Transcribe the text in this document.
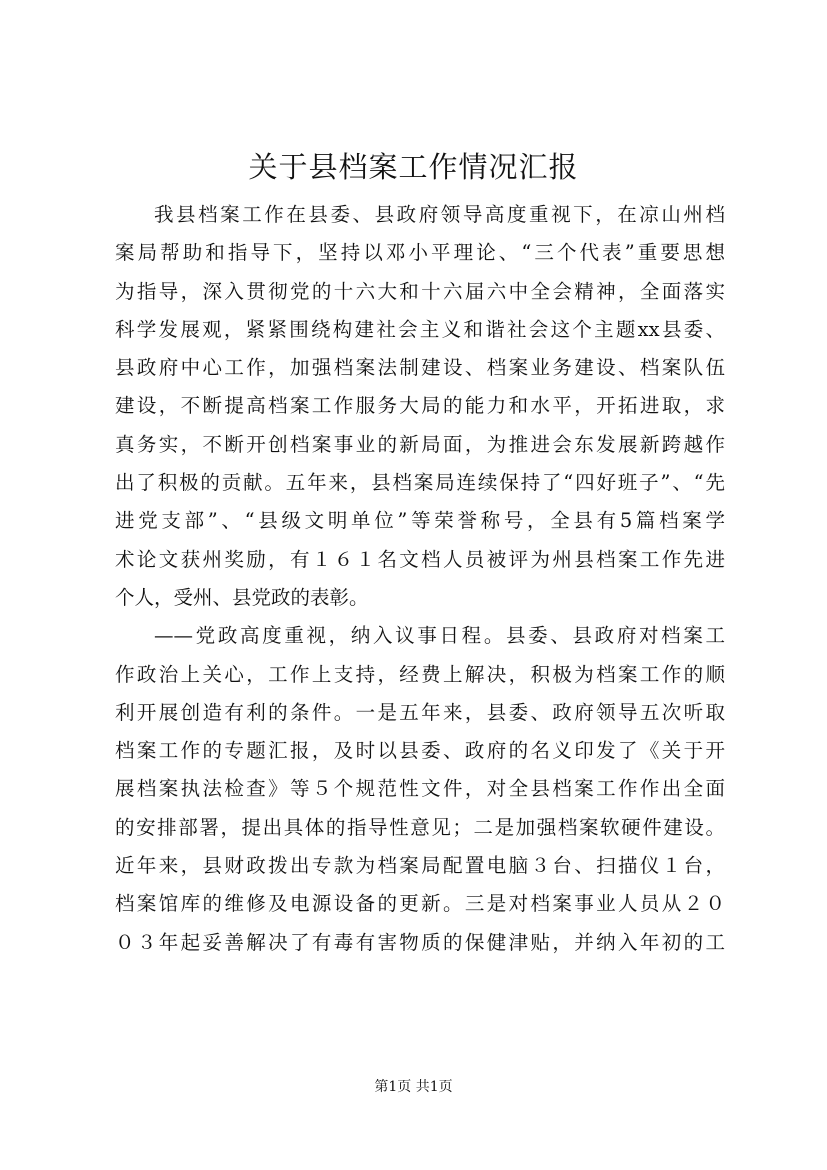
关于县档案工作情况汇报
我县档案工作在县委、县政府领导高度重视下，在凉山州档
案局帮助和指导下，坚持以邓小平理论、“三个代表”重要思想
为指导，深入贯彻党的十六大和十六届六中全会精神，全面落实
科学发展观，紧紧围绕构建社会主义和谐社会这个主题xx县委、
县政府中心工作，加强档案法制建设、档案业务建设、档案队伍
建设，不断提高档案工作服务大局的能力和水平，开拓进取，求
真务实，不断开创档案事业的新局面，为推进会东发展新跨越作
出了积极的贡献。五年来，县档案局连续保持了“四好班子”、“先
进党支部”、“县级文明单位”等荣誉称号，全县有5篇档案学
术论文获州奖励，有１６１名文档人员被评为州县档案工作先进
个人，受州、县党政的表彰。
——党政高度重视，纳入议事日程。县委、县政府对档案工
作政治上关心，工作上支持，经费上解决，积极为档案工作的顺
利开展创造有利的条件。一是五年来，县委、政府领导五次听取
档案工作的专题汇报，及时以县委、政府的名义印发了《关于开
展档案执法检查》等５个规范性文件，对全县档案工作作出全面
的安排部署，提出具体的指导性意见；二是加强档案软硬件建设。
近年来，县财政拨出专款为档案局配置电脑３台、扫描仪１台，
档案馆库的维修及电源设备的更新。三是对档案事业人员从２０
０３年起妥善解决了有毒有害物质的保健津贴，并纳入年初的工
第1页 共1页
